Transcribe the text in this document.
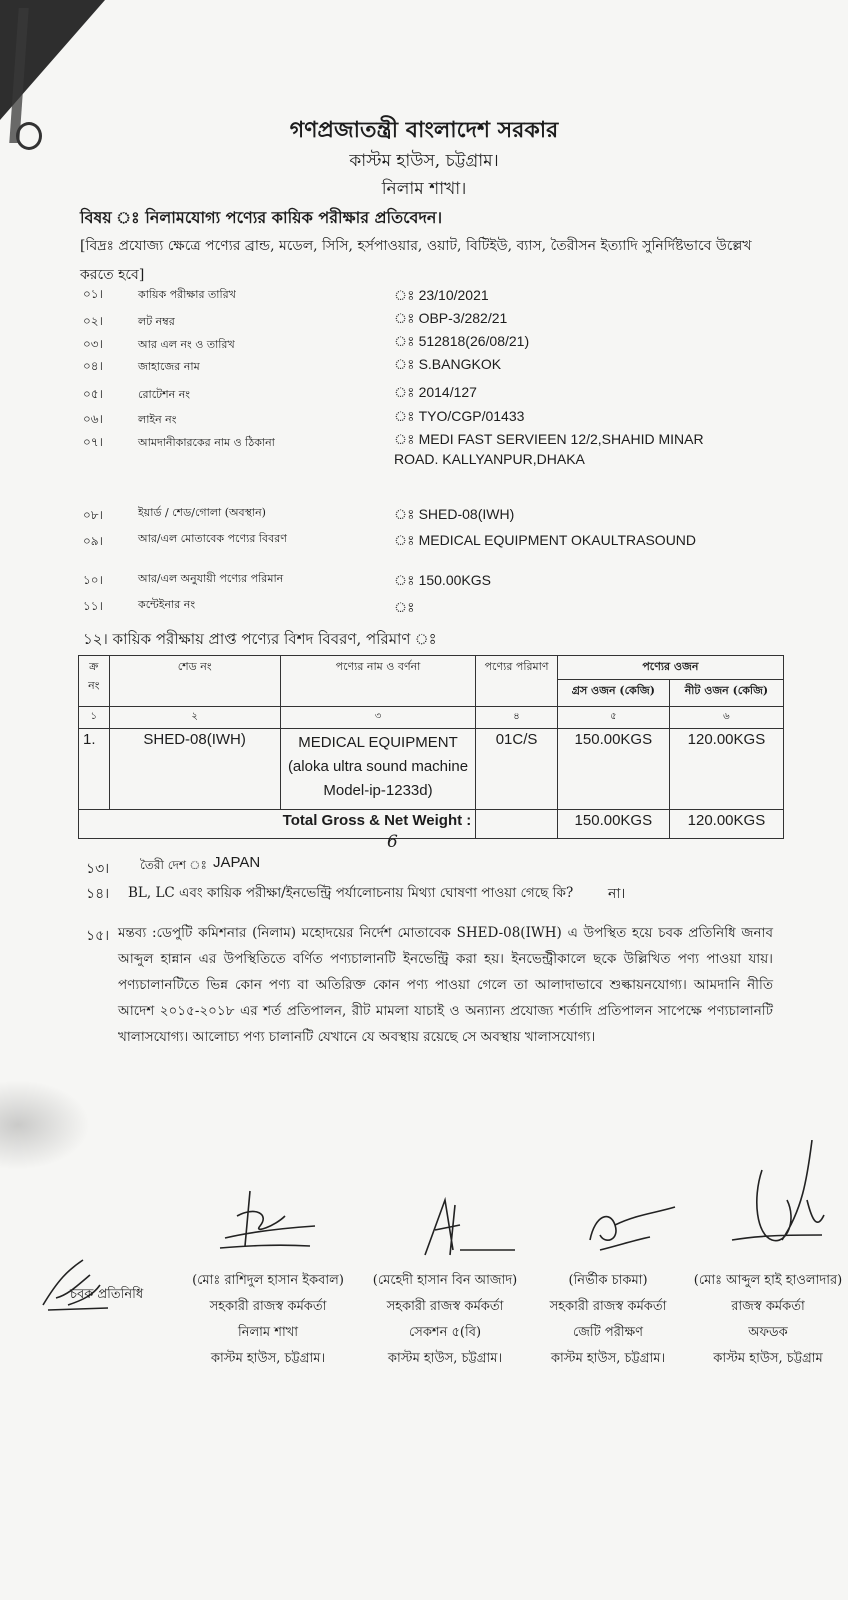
গণপ্রজাতন্ত্রী বাংলাদেশ সরকার
কাস্টম হাউস, চট্টগ্রাম।
নিলাম শাখা।
বিষয় ঃ নিলামযোগ্য পণ্যের কায়িক পরীক্ষার প্রতিবেদন।
[বিদ্রঃ প্রযোজ্য ক্ষেত্রে পণ্যের ব্রান্ড, মডেল, সিসি, হর্সপাওয়ার, ওয়াট, বিটিইউ, ব্যাস, তৈরীসন ইত্যাদি সুনির্দিষ্টভাবে উল্লেখ করতে হবে]
০১।	কায়িক পরীক্ষার তারিখ	ঃ 23/10/2021
০২।	লট নম্বর	ঃ OBP-3/282/21
০৩।	আর এল নং ও তারিখ	ঃ 512818(26/08/21)
০৪।	জাহাজের নাম	ঃ S.BANGKOK
০৫।	রোটেশন নং	ঃ 2014/127
০৬।	লাইন নং	ঃ TYO/CGP/01433
০৭।	আমদানীকারকের নাম ও ঠিকানা	ঃ MEDI FAST SERVIEEN 12/2,SHAHID MINAR
ROAD. KALLYANPUR,DHAKA
০৮।	ইয়ার্ড / শেড/গোলা (অবস্থান)	ঃ SHED-08(IWH)
০৯।	আর/এল মোতাবেক পণ্যের বিবরণ	ঃ MEDICAL EQUIPMENT OKAULTRASOUND
১০।	আর/এল অনুযায়ী পণ্যের পরিমান	ঃ 150.00KGS
১১।	কন্টেইনার নং	ঃ
১২। কায়িক পরীক্ষায় প্রাপ্ত পণ্যের বিশদ বিবরণ, পরিমাণ ঃ
ক্র নং	শেড নং	পণ্যের নাম ও বর্ণনা	পণ্যের পরিমাণ	পণ্যের ওজন	
				গ্রস ওজন (কেজি)	নীট ওজন (কেজি)
১	২	৩	৪	৫	৬
1.	SHED-08(IWH)	MEDICAL EQUIPMENT
(aloka ultra sound machine
Model-ip-1233d)	01C/S	150.00KGS	120.00KGS
Total Gross & Net Weight :				150.00KGS	120.00KGS
6
১৩।	তৈরী দেশ ঃ JAPAN
১৪। BL, LC এবং কায়িক পরীক্ষা/ইনভেন্ট্রি পর্যালোচনায় মিথ্যা ঘোষণা পাওয়া গেছে কি? না।
১৫। মন্তব্য :ডেপুটি কমিশনার (নিলাম) মহোদয়ের নির্দেশ মোতাবেক SHED-08(IWH) এ উপস্থিত হয়ে চবক প্রতিনিধি জনাব আব্দুল হান্নান এর উপস্থিতিতে বর্ণিত পণ্যচালানটি ইনভেন্ট্রি করা হয়। ইনভেন্ট্রীকালে ছকে উল্লিখিত পণ্য পাওয়া যায়। পণ্যচালানটিতে ভিন্ন কোন পণ্য বা অতিরিক্ত কোন পণ্য পাওয়া গেলে তা আলাদাভাবে শুল্কায়নযোগ্য। আমদানি নীতি আদেশ ২০১৫-২০১৮ এর শর্ত প্রতিপালন, রীট মামলা যাচাই ও অন্যান্য প্রযোজ্য শর্তাদি প্রতিপালন সাপেক্ষে পণ্যচালানটি খালাসযোগ্য। আলোচ্য পণ্য চালানটি যেখানে যে অবস্থায় রয়েছে সে অবস্থায় খালাসযোগ্য।
চবক প্রতিনিধি
(মোঃ রাশিদুল হাসান ইকবাল)
সহকারী রাজস্ব কর্মকর্তা
নিলাম শাখা
কাস্টম হাউস, চট্টগ্রাম।
(মেহেদী হাসান বিন আজাদ)
সহকারী রাজস্ব কর্মকর্তা
সেকশন ৫(বি)
কাস্টম হাউস, চট্টগ্রাম।
(নির্ভীক চাকমা)
সহকারী রাজস্ব কর্মকর্তা
জেটি পরীক্ষণ
কাস্টম হাউস, চট্টগ্রাম।
(মোঃ আব্দুল হাই হাওলাদার)
রাজস্ব কর্মকর্তা
অফডক
কাস্টম হাউস, চট্টগ্রাম
